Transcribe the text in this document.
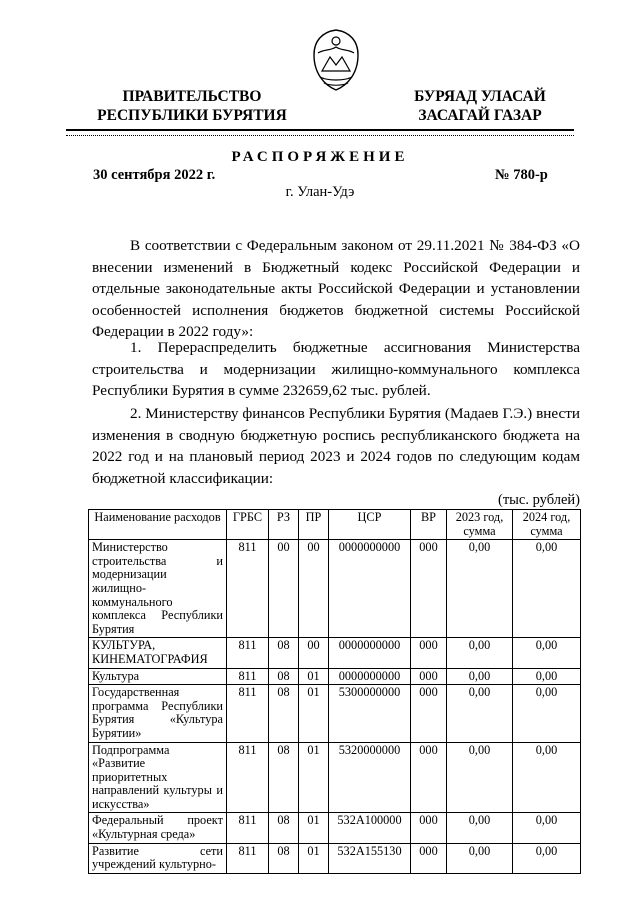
ПРАВИТЕЛЬСТВО
РЕСПУБЛИКИ БУРЯТИЯ
БУРЯАД УЛАСАЙ
ЗАСАГАЙ ГАЗАР
РАСПОРЯЖЕНИЕ
30 сентября 2022 г.	№ 780-р
г. Улан-Удэ

В соответствии с Федеральным законом от 29.11.2021 № 384-ФЗ «О внесении изменений в Бюджетный кодекс Российской Федерации и отдельные законодательные акты Российской Федерации и установлении особенностей исполнения бюджетов бюджетной системы Российской Федерации в 2022 году»:

1. Перераспределить бюджетные ассигнования Министерства строительства и модернизации жилищно-коммунального комплекса Республики Бурятия в сумме 232659,62 тыс. рублей.

2. Министерству финансов Республики Бурятия (Мадаев Г.Э.) внести изменения в сводную бюджетную роспись республиканского бюджета на 2022 год и на плановый период 2023 и 2024 годов по следующим кодам бюджетной классификации:

(тыс. рублей)
Наименование расходов	ГРБС	РЗ	ПР	ЦСР	ВР	2023 год, сумма	2024 год, сумма
Министерство строительства и модернизации жилищно-коммунального комплекса Республики Бурятия	811	00	00	0000000000	000	0,00	0,00
КУЛЬТУРА, КИНЕМАТОГРАФИЯ	811	08	00	0000000000	000	0,00	0,00
Культура	811	08	01	0000000000	000	0,00	0,00
Государственная программа Республики Бурятия «Культура Бурятии»	811	08	01	5300000000	000	0,00	0,00
Подпрограмма «Развитие приоритетных направлений культуры и искусства»	811	08	01	5320000000	000	0,00	0,00
Федеральный проект «Культурная среда»	811	08	01	532A100000	000	0,00	0,00
Развитие сети учреждений культурно-	811	08	01	532A155130	000	0,00	0,00
